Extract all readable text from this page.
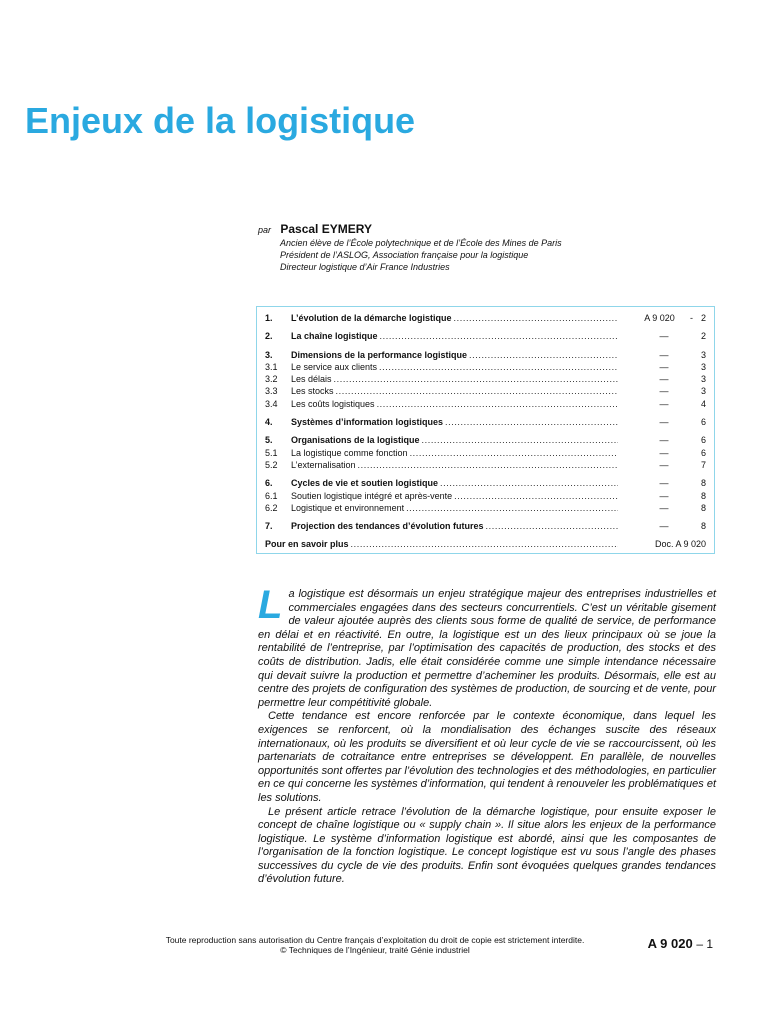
Enjeux de la logistique
par Pascal EYMERY
Ancien élève de l’École polytechnique et de l’École des Mines de Paris
Président de l’ASLOG, Association française pour la logistique
Directeur logistique d’Air France Industries
1.	L’évolution de la démarche logistique .....	A 9 020	- 2
2.	La chaîne logistique .....	—	2
3.	Dimensions de la performance logistique .....	—	3
3.1	Le service aux clients .....	—	3
3.2	Les délais .....	—	3
3.3	Les stocks .....	—	3
3.4	Les coûts logistiques .....	—	4
4.	Systèmes d’information logistiques .....	—	6
5.	Organisations de la logistique .....	—	6
5.1	La logistique comme fonction .....	—	6
5.2	L’externalisation .....	—	7
6.	Cycles de vie et soutien logistique .....	—	8
6.1	Soutien logistique intégré et après-vente .....	—	8
6.2	Logistique et environnement .....	—	8
7.	Projection des tendances d’évolution futures .....	—	8
Pour en savoir plus .....	Doc. A 9 020

La logistique est désormais un enjeu stratégique majeur des entreprises industrielles et commerciales engagées dans des secteurs concurrentiels. C’est un véritable gisement de valeur ajoutée auprès des clients sous forme de qualité de service, de performance en délai et en réactivité. En outre, la logistique est un des lieux principaux où se joue la rentabilité de l’entreprise, par l’optimisation des capacités de production, des stocks et des coûts de distribution. Jadis, elle était considérée comme une simple intendance nécessaire qui devait suivre la production et permettre d’acheminer les produits. Désormais, elle est au centre des projets de configuration des systèmes de production, de sourcing et de vente, pour permettre leur compétitivité globale.

Cette tendance est encore renforcée par le contexte économique, dans lequel les exigences se renforcent, où la mondialisation des échanges suscite des réseaux internationaux, où les produits se diversifient et où leur cycle de vie se raccourcissent, où les partenariats de cotraitance entre entreprises se développent. En parallèle, de nouvelles opportunités sont offertes par l’évolution des technologies et des méthodologies, en particulier en ce qui concerne les systèmes d’information, qui tendent à renouveler les problématiques et les solutions.

Le présent article retrace l’évolution de la démarche logistique, pour ensuite exposer le concept de chaîne logistique ou « supply chain ». Il situe alors les enjeux de la performance logistique. Le système d’information logistique est abordé, ainsi que les composantes de l’organisation de la fonction logistique. Le concept logistique est vu sous l’angle des phases successives du cycle de vie des produits. Enfin sont évoquées quelques grandes tendances d’évolution future.

Toute reproduction sans autorisation du Centre français d’exploitation du droit de copie est strictement interdite.
© Techniques de l’Ingénieur, traité Génie industriel	A 9 020 – 1
